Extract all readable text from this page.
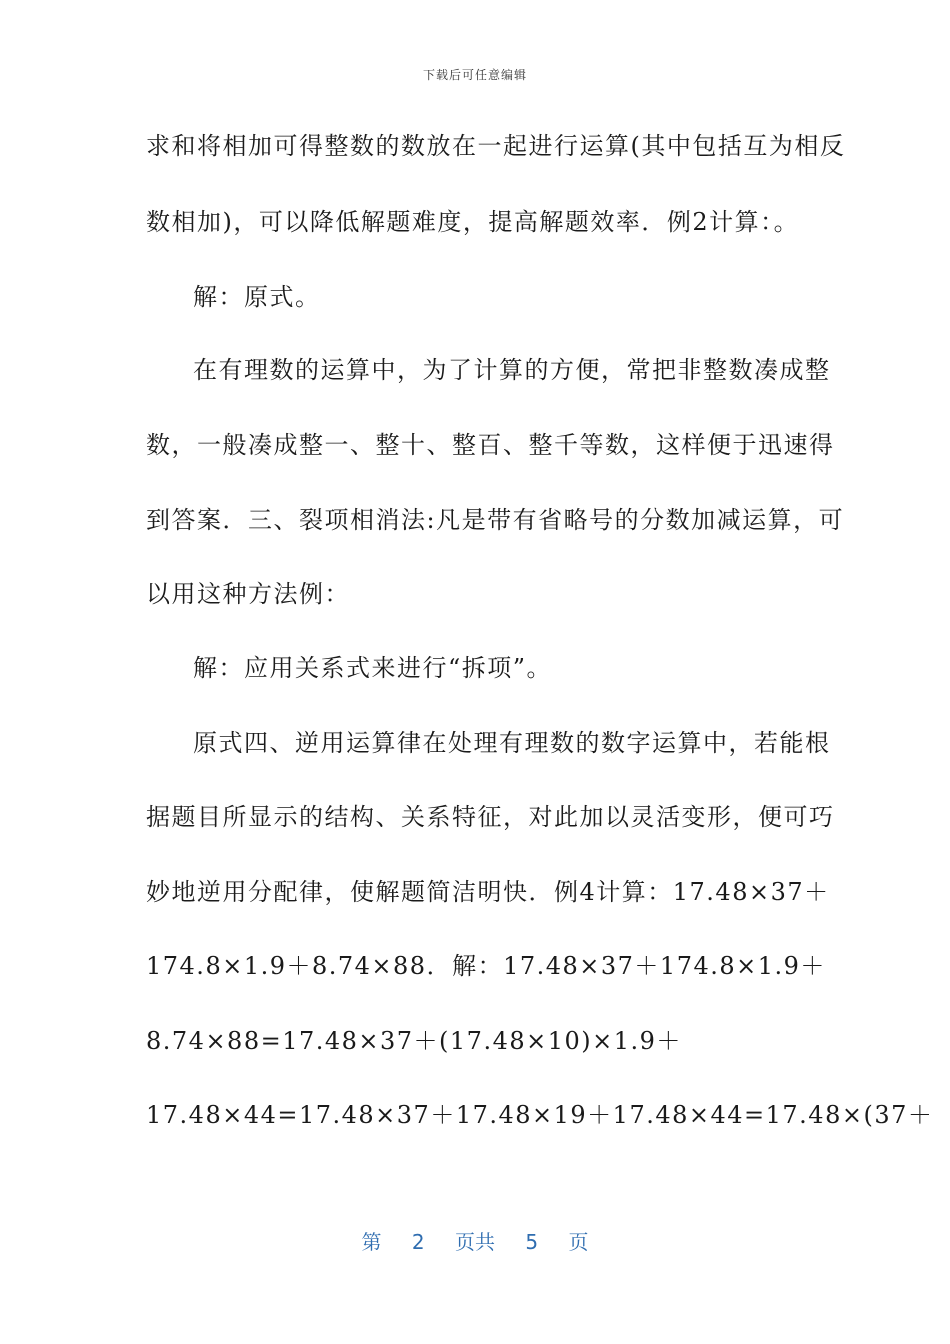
下载后可任意编辑
求和将相加可得整数的数放在一起进行运算(其中包括互为相反
数相加)，可以降低解题难度，提高解题效率．例2计算：。
解：原式。
在有理数的运算中，为了计算的方便，常把非整数凑成整
数，一般凑成整一、整十、整百、整千等数，这样便于迅速得
到答案．三、裂项相消法:凡是带有省略号的分数加减运算，可
以用这种方法例：
解：应用关系式来进行“拆项”。
原式四、逆用运算律在处理有理数的数字运算中，若能根
据题目所显示的结构、关系特征，对此加以灵活变形，便可巧
妙地逆用分配律，使解题简洁明快．例4计算：17.48×37＋
174.8×1.9＋8.74×88．解：17.48×37＋174.8×1.9＋
8.74×88=17.48×37＋(17.48×10)×1.9＋
17.48×44=17.48×37＋17.48×19＋17.48×44=17.48×(37＋
第 2 页共 5 页
